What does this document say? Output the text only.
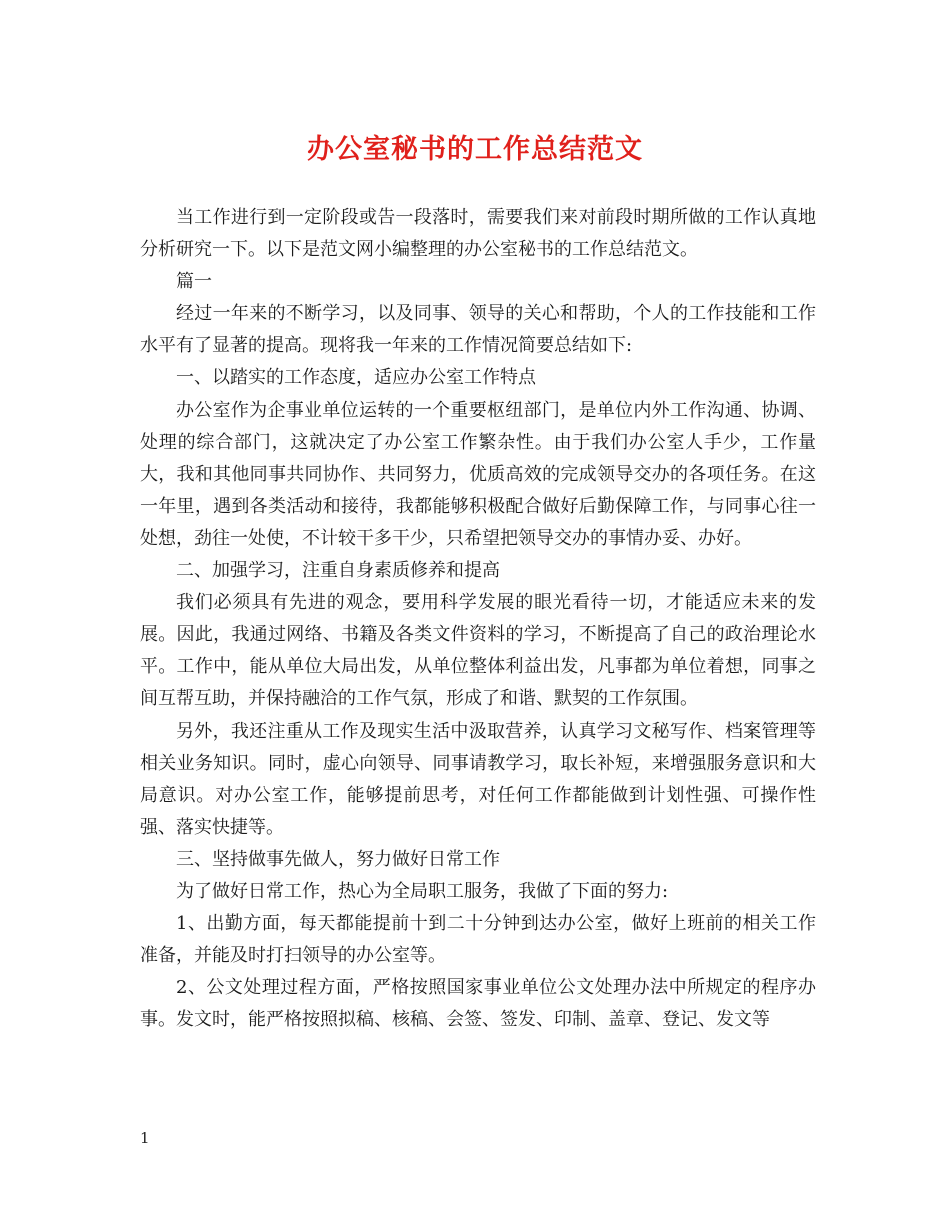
办公室秘书的工作总结范文

当工作进行到一定阶段或告一段落时，需要我们来对前段时期所做的工作认真地分析研究一下。以下是范文网小编整理的办公室秘书的工作总结范文。

篇一

经过一年来的不断学习，以及同事、领导的关心和帮助，个人的工作技能和工作水平有了显著的提高。现将我一年来的工作情况简要总结如下:

一、以踏实的工作态度，适应办公室工作特点

办公室作为企事业单位运转的一个重要枢纽部门，是单位内外工作沟通、协调、处理的综合部门，这就决定了办公室工作繁杂性。由于我们办公室人手少，工作量大，我和其他同事共同协作、共同努力，优质高效的完成领导交办的各项任务。在这一年里，遇到各类活动和接待，我都能够积极配合做好后勤保障工作，与同事心往一处想，劲往一处使，不计较干多干少，只希望把领导交办的事情办妥、办好。

二、加强学习，注重自身素质修养和提高

我们必须具有先进的观念，要用科学发展的眼光看待一切，才能适应未来的发展。因此，我通过网络、书籍及各类文件资料的学习，不断提高了自己的政治理论水平。工作中，能从单位大局出发，从单位整体利益出发，凡事都为单位着想，同事之间互帮互助，并保持融洽的工作气氛，形成了和谐、默契的工作氛围。

另外，我还注重从工作及现实生活中汲取营养，认真学习文秘写作、档案管理等相关业务知识。同时，虚心向领导、同事请教学习，取长补短，来增强服务意识和大局意识。对办公室工作，能够提前思考，对任何工作都能做到计划性强、可操作性强、落实快捷等。

三、坚持做事先做人，努力做好日常工作

为了做好日常工作，热心为全局职工服务，我做了下面的努力:

1、出勤方面，每天都能提前十到二十分钟到达办公室，做好上班前的相关工作准备，并能及时打扫领导的办公室等。

2、公文处理过程方面，严格按照国家事业单位公文处理办法中所规定的程序办事。发文时，能严格按照拟稿、核稿、会签、签发、印制、盖章、登记、发文等

1
